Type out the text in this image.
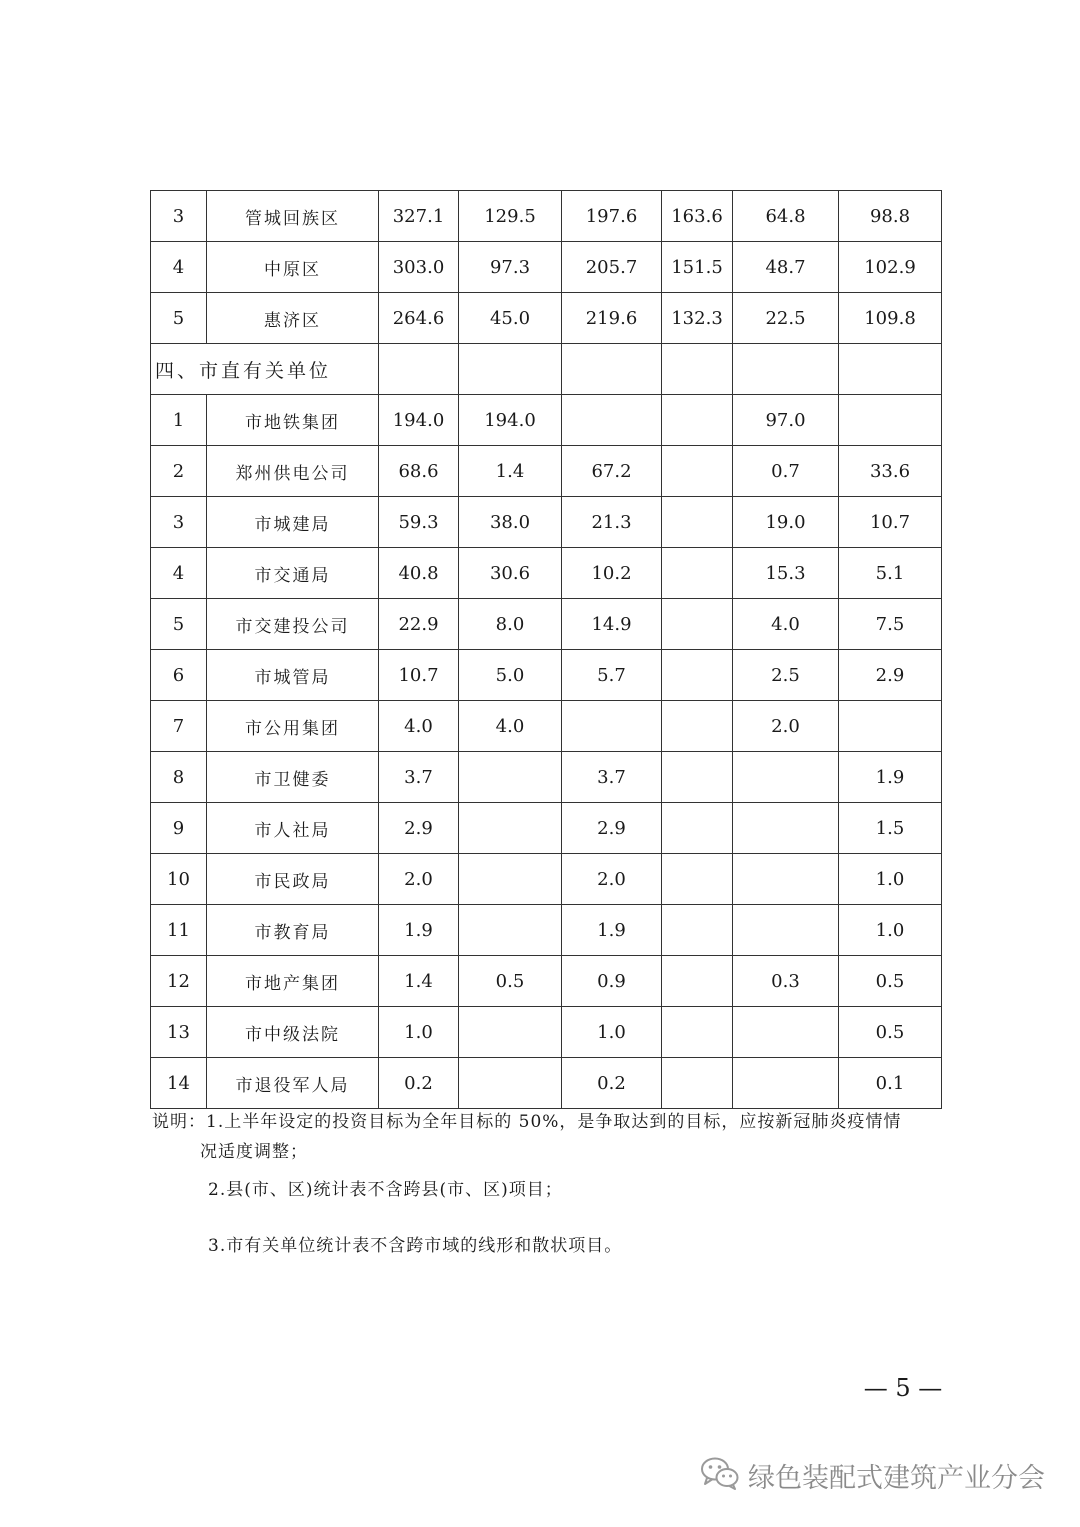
3	管城回族区	327.1	129.5	197.6	163.6	64.8	98.8
4	中原区	303.0	97.3	205.7	151.5	48.7	102.9
5	惠济区	264.6	45.0	219.6	132.3	22.5	109.8
四、市直有关单位							
1	市地铁集团	194.0	194.0			97.0	
2	郑州供电公司	68.6	1.4	67.2		0.7	33.6
3	市城建局	59.3	38.0	21.3		19.0	10.7
4	市交通局	40.8	30.6	10.2		15.3	5.1
5	市交建投公司	22.9	8.0	14.9		4.0	7.5
6	市城管局	10.7	5.0	5.7		2.5	2.9
7	市公用集团	4.0	4.0			2.0	
8	市卫健委	3.7		3.7			1.9
9	市人社局	2.9		2.9			1.5
10	市民政局	2.0		2.0			1.0
11	市教育局	1.9		1.9			1.0
12	市地产集团	1.4	0.5	0.9		0.3	0.5
13	市中级法院	1.0		1.0			0.5
14	市退役军人局	0.2		0.2			0.1
说明：1.上半年设定的投资目标为全年目标的 50%，是争取达到的目标，应按新冠肺炎疫情情
况适度调整；
2.县(市、区)统计表不含跨县(市、区)项目；
3.市有关单位统计表不含跨市域的线形和散状项目。
— 5 —
绿色装配式建筑产业分会
